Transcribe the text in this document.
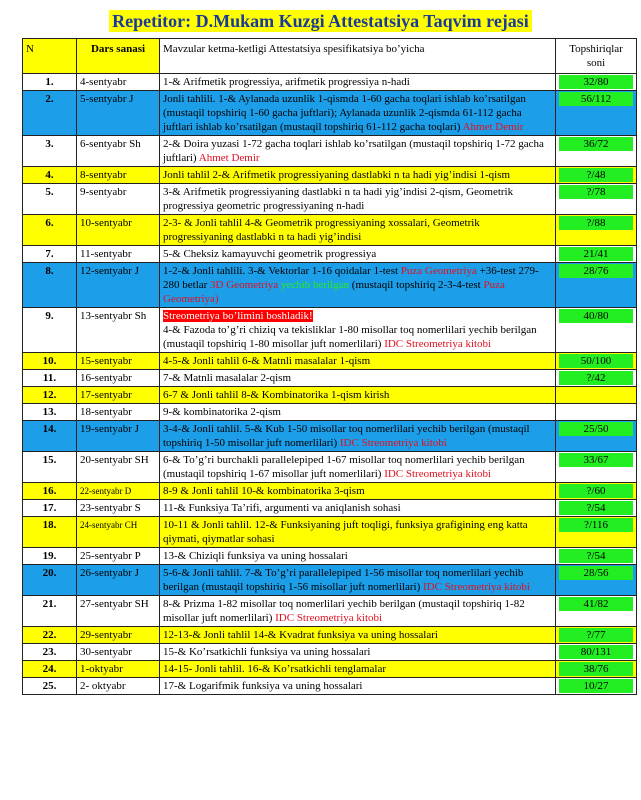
Repetitor: D.Mukam Kuzgi Attestatsiya Taqvim rejasi
N	Dars sanasi	Mavzular ketma-ketligi Attestatsiya spesifikatsiya bo’yicha	Topshiriqlar soni
1.	4-sentyabr	1-& Arifmetik progressiya, arifmetik progressiya n-hadi	32/80

2.	5-sentyabr J	Jonli tahlili. 1-& Aylanada uzunlik 1-qismda 1-60 gacha toqlari ishlab ko’rsatilgan (mustaqil topshiriq 1-60 gacha juftlari); Aylanada uzunlik 2-qismda 61-112 gacha juftlari ishlab ko’rsatilgan (mustaqil topshiriq 61-112 gacha toqlari) Ahmet Demir	56/112

3.	6-sentyabr Sh	2-& Doira yuzasi 1-72 gacha toqlari ishlab ko’rsatilgan (mustaqil topshiriq 1-72 gacha juftlari) Ahmet Demir	36/72

4.	8-sentyabr	Jonli tahlil 2-& Arifmetik progressiyaning dastlabki n ta hadi yig’indisi 1-qism	?/48

5.	9-sentyabr	3-& Arifmetik progressiyaning dastlabki n ta hadi yig’indisi 2-qism, Geometrik progressiya geometric progressiyaning n-hadi	?/78

6.	10-sentyabr	2-3- & Jonli tahlil 4-& Geometrik progressiyaning xossalari, Geometrik progressiyaning dastlabki n ta hadi yig’indisi	?/88

7.	11-sentyabr	5-& Cheksiz kamayuvchi geometrik progressiya	21/41

8.	12-sentyabr J	1-2-& Jonli tahlili. 3-& Vektorlar 1-16 qoidalar 1-test Puza Geometriya +36-test 279-280 betlar 3D Geometriya yechib berilgan (mustaqil topshiriq 2-3-4-test Puza Geometriya)	28/76

9.	13-sentyabr Sh	Streometriya bo’limini boshladik!
4-& Fazoda to’g’ri chiziq va tekisliklar 1-80 misollar toq nomerlilari yechib berilgan (mustaqil topshiriq 1-80 misollar juft nomerlilari) IDC Streometriya kitobi	40/80

10.	15-sentyabr	4-5-& Jonli tahlil 6-& Matnli masalalar 1-qism	50/100

11.	16-sentyabr	7-& Matnli masalalar 2-qism	?/42

12.	17-sentyabr	6-7 & Jonli tahlil 8-& Kombinatorika 1-qism kirish	
13.	18-sentyabr	9-& kombinatorika 2-qism	
14.	19-sentyabr J	3-4-& Jonli tahlil. 5-& Kub 1-50 misollar toq nomerlilari yechib berilgan (mustaqil topshiriq 1-50 misollar juft nomerlilari) IDC Streometriya kitobi	25/50

15.	20-sentyabr SH	6-& To’g’ri burchakli parallelepiped 1-67 misollar toq nomerlilari yechib berilgan (mustaqil topshiriq 1-67 misollar juft nomerlilari) IDC Streometriya kitobi	33/67

16.	22-sentyabr D	8-9 & Jonli tahlil 10-& kombinatorika 3-qism	?/60

17.	23-sentyabr S	11-& Funksiya Ta’rifi, argumenti va aniqlanish sohasi	?/54

18.	24-sentyabr CH	10-11 & Jonli tahlil. 12-& Funksiyaning juft toqligi, funksiya grafigining eng katta qiymati, qiymatlar sohasi	?/116

19.	25-sentyabr P	13-& Chiziqli funksiya va uning hossalari	?/54

20.	26-sentyabr J	5-6-& Jonli tahlil. 7-& To’g’ri parallelepiped 1-56 misollar toq nomerlilari yechib berilgan (mustaqil topshiriq 1-56 misollar juft nomerlilari) IDC Streometriya kitobi	28/56

21.	27-sentyabr SH	8-& Prizma 1-82 misollar toq nomerlilari yechib berilgan (mustaqil topshiriq 1-82 misollar juft nomerlilari) IDC Streometriya kitobi	41/82

22.	29-sentyabr	12-13-& Jonli tahlil 14-& Kvadrat funksiya va uning hossalari	?/77

23.	30-sentyabr	15-& Ko’rsatkichli funksiya va uning hossalari	80/131

24.	1-oktyabr	14-15- Jonli tahlil. 16-& Ko’rsatkichli tenglamalar	38/76

25.	2- oktyabr	17-& Logarifmik funksiya va uning hossalari	10/27
